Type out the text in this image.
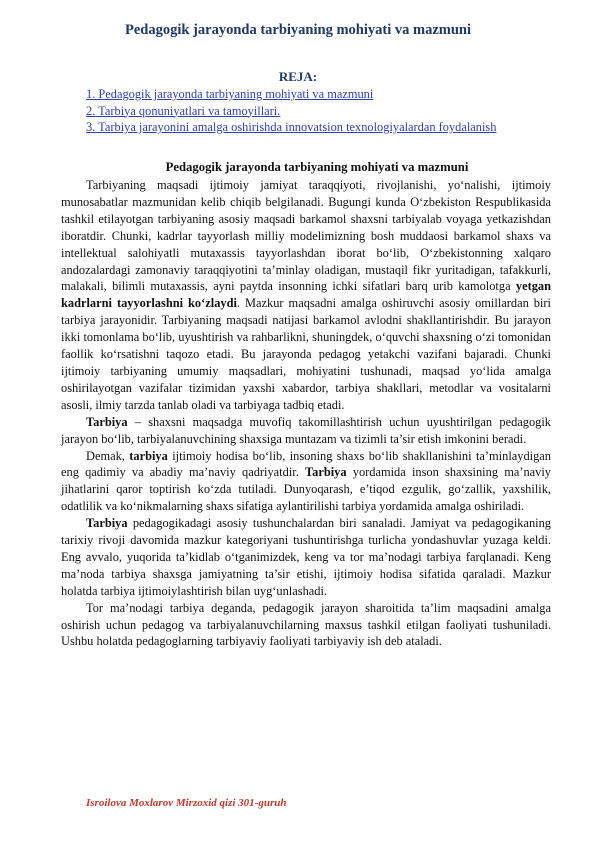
Pedagogik jarayonda tarbiyaning mohiyati va mazmuni
REJA:
1. Pedagogik jarayonda tarbiyaning mohiyati va mazmuni
2. Tarbiya qonuniyatlari va tamoyillari.
3. Tarbiya jarayonini amalga oshirishda innovatsion texnologiyalardan foydalanish
Pedagogik jarayonda tarbiyaning mohiyati va mazmuni

Tarbiyaning maqsadi ijtimoiy jamiyat taraqqiyoti, rivojlanishi, yo‘nalishi, ijtimoiy munosabatlar mazmunidan kelib chiqib belgilanadi. Bugungi kunda O‘zbekiston Respublikasida tashkil etilayotgan tarbiyaning asosiy maqsadi barkamol shaxsni tarbiyalab voyaga yetkazishdan iboratdir. Chunki, kadrlar tayyorlash milliy modelimizning bosh muddaosi barkamol shaxs va intellektual salohiyatli mutaxassis tayyorlashdan iborat bo‘lib, O‘zbekistonning xalqaro andozalardagi zamonaviy taraqqiyotini ta’minlay oladigan, mustaqil fikr yuritadigan, tafakkurli, malakali, bilimli mutaxassis, ayni paytda insonning ichki sifatlari barq urib kamolotga yetgan kadrlarni tayyorlashni ko‘zlaydi. Mazkur maqsadni amalga oshiruvchi asosiy omillardan biri tarbiya jarayonidir. Tarbiyaning maqsadi natijasi barkamol avlodni shakllantirishdir. Bu jarayon ikki tomonlama bo‘lib, uyushtirish va rahbarlikni, shuningdek, o‘quvchi shaxsning o‘zi tomonidan faollik ko‘rsatishni taqozo etadi. Bu jarayonda pedagog yetakchi vazifani bajaradi. Chunki ijtimoiy tarbiyaning umumiy maqsadlari, mohiyatini tushunadi, maqsad yo‘lida amalga oshirilayotgan vazifalar tizimidan yaxshi xabardor, tarbiya shakllari, metodlar va vositalarni asosli, ilmiy tarzda tanlab oladi va tarbiyaga tadbiq etadi.

Tarbiya – shaxsni maqsadga muvofiq takomillashtirish uchun uyushtirilgan pedagogik jarayon bo‘lib, tarbiyalanuvchining shaxsiga muntazam va tizimli ta’sir etish imkonini beradi.

Demak, tarbiya ijtimoiy hodisa bo‘lib, insoning shaxs bo‘lib shakllanishini ta’minlaydigan eng qadimiy va abadiy ma’naviy qadriyatdir. Tarbiya yordamida inson shaxsining ma’naviy jihatlarini qaror toptirish ko‘zda tutiladi. Dunyoqarash, e’tiqod ezgulik, go‘zallik, yaxshilik, odatlilik va ko‘nikmalarning shaxs sifatiga aylantirilishi tarbiya yordamida amalga oshiriladi.

Tarbiya pedagogikadagi asosiy tushunchalardan biri sanaladi. Jamiyat va pedagogikaning tarixiy rivoji davomida mazkur kategoriyani tushuntirishga turlicha yondashuvlar yuzaga keldi. Eng avvalo, yuqorida ta’kidlab o‘tganimizdek, keng va tor ma’nodagi tarbiya farqlanadi. Keng ma’noda tarbiya shaxsga jamiyatning ta’sir etishi, ijtimoiy hodisa sifatida qaraladi. Mazkur holatda tarbiya ijtimoiylashtirish bilan uyg‘unlashadi.

Tor ma’nodagi tarbiya deganda, pedagogik jarayon sharoitida ta’lim maqsadini amalga oshirish uchun pedagog va tarbiyalanuvchilarning maxsus tashkil etilgan faoliyati tushuniladi. Ushbu holatda pedagoglarning tarbiyaviy faoliyati tarbiyaviy ish deb ataladi.

Isroilova Moxlarov Mirzoxid qizi 301-guruh
